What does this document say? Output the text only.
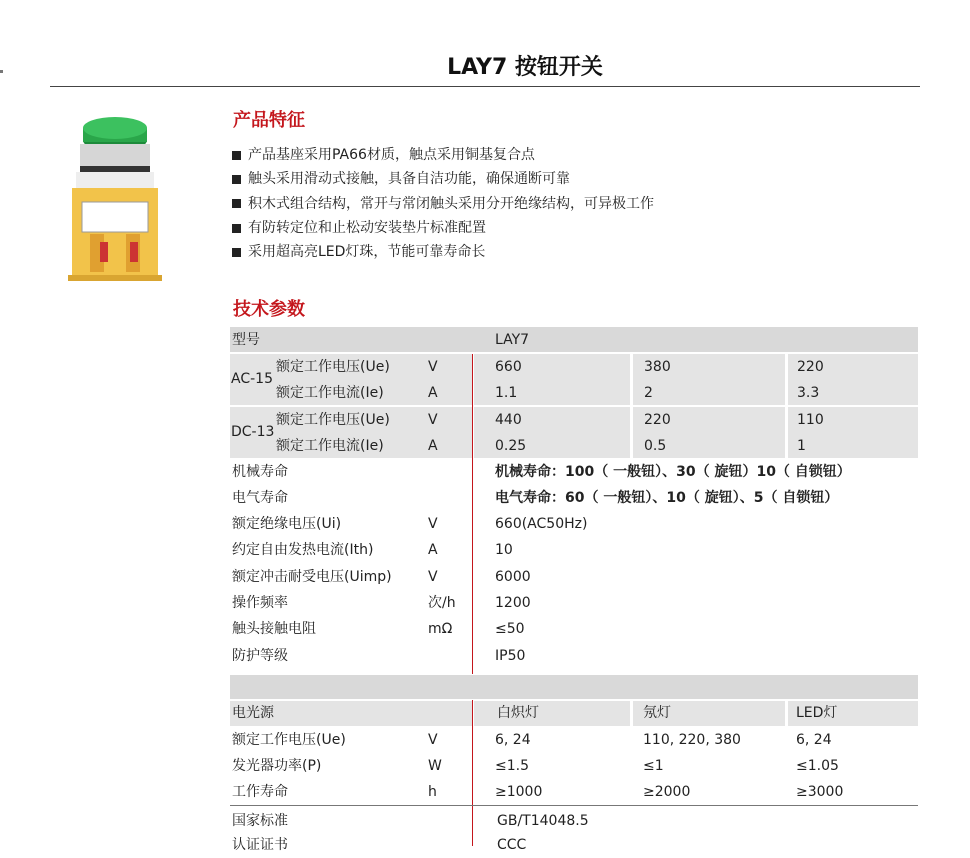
LAY7 按钮开关
产品特征
产品基座采用PA66材质，触点采用铜基复合点
触头采用滑动式接触，具备自洁功能，确保通断可靠
积木式组合结构，常开与常闭触头采用分开绝缘结构，可异极工作
有防转定位和止松动安装垫片标准配置
采用超高亮LED灯珠，节能可靠寿命长
技术参数
型号	LAY7
AC-15
额定工作电压(Ue)	V	660	380	220
额定工作电流(Ie)	A	1.1	2	3.3
DC-13
额定工作电压(Ue)	V	440	220	110
额定工作电流(Ie)	A	0.25	0.5	1
机械寿命	机械寿命：100（ 一般钮）、30（ 旋钮）10（ 自锁钮）
电气寿命	电气寿命：60（ 一般钮）、10（ 旋钮）、5（ 自锁钮）
额定绝缘电压(Ui)	V	660(AC50Hz)
约定自由发热电流(Ith)	A	10
额定冲击耐受电压(Uimp)	V	6000
操作频率	次/h	1200
触头接触电阻	mΩ	≤50
防护等级	IP50
电光源	白炽灯	氖灯	LED灯
额定工作电压(Ue)	V	6, 24	110, 220, 380	6, 24
发光器功率(P)	W	≤1.5	≤1	≤1.05
工作寿命	h	≥1000	≥2000	≥3000
国家标准	GB/T14048.5
认证证书	CCC
